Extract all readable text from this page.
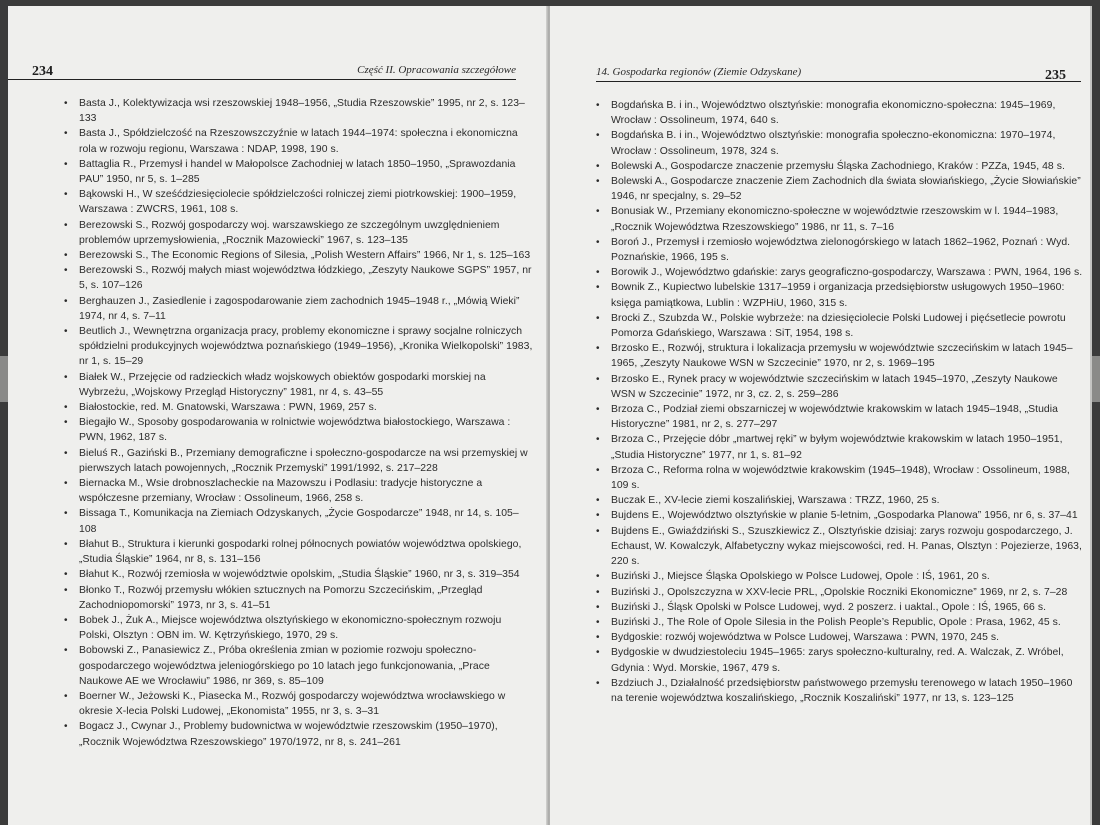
234	Część II. Opracowania szczegółowe
• Basta J., Kolektywizacja wsi rzeszowskiej 1948–1956, „Studia Rzeszowskie” 1995, nr 2, s. 123–133
• Basta J., Spółdzielczość na Rzeszowszczyźnie w latach 1944–1974: społeczna i ekonomiczna rola w rozwoju regionu, Warszawa : NDAP, 1998, 190 s.
• Battaglia R., Przemysł i handel w Małopolsce Zachodniej w latach 1850–1950, „Sprawozdania PAU” 1950, nr 5, s. 1–285
• Bąkowski H., W sześćdziesięciolecie spółdzielczości rolniczej ziemi piotrkowskiej: 1900–1959, Warszawa : ZWCRS, 1961, 108 s.
• Berezowski S., Rozwój gospodarczy woj. warszawskiego ze szczególnym uwzględnieniem problemów uprzemysłowienia, „Rocznik Mazowiecki” 1967, s. 123–135
• Berezowski S., The Economic Regions of Silesia, „Polish Western Affairs” 1966, Nr 1, s. 125–163
• Berezowski S., Rozwój małych miast województwa łódzkiego, „Zeszyty Naukowe SGPS” 1957, nr 5, s. 107–126
• Berghauzen J., Zasiedlenie i zagospodarowanie ziem zachodnich 1945–1948 r., „Mówią Wieki” 1974, nr 4, s. 7–11
• Beutlich J., Wewnętrzna organizacja pracy, problemy ekonomiczne i sprawy socjalne rolniczych spółdzielni produkcyjnych województwa poznańskiego (1949–1956), „Kronika Wielkopolski” 1983, nr 1, s. 15–29
• Białek W., Przejęcie od radzieckich władz wojskowych obiektów gospodarki morskiej na Wybrzeżu, „Wojskowy Przegląd Historyczny” 1981, nr 4, s. 43–55
• Białostockie, red. M. Gnatowski, Warszawa : PWN, 1969, 257 s.
• Biegajło W., Sposoby gospodarowania w rolnictwie województwa białostockiego, Warszawa : PWN, 1962, 187 s.
• Bieluś R., Gaziński B., Przemiany demograficzne i społeczno-gospodarcze na wsi przemyskiej w pierwszych latach powojennych, „Rocznik Przemyski” 1991/1992, s. 217–228
• Biernacka M., Wsie drobnoszlacheckie na Mazowszu i Podlasiu: tradycje historyczne a współczesne przemiany, Wrocław : Ossolineum, 1966, 258 s.
• Bissaga T., Komunikacja na Ziemiach Odzyskanych, „Życie Gospodarcze” 1948, nr 14, s. 105–108
• Błahut B., Struktura i kierunki gospodarki rolnej północnych powiatów województwa opolskiego, „Studia Śląskie” 1964, nr 8, s. 131–156
• Błahut K., Rozwój rzemiosła w województwie opolskim, „Studia Śląskie” 1960, nr 3, s. 319–354
• Błonko T., Rozwój przemysłu włókien sztucznych na Pomorzu Szczecińskim, „Przegląd Zachodniopomorski” 1973, nr 3, s. 41–51
• Bobek J., Żuk A., Miejsce województwa olsztyńskiego w ekonomiczno-społecznym rozwoju Polski, Olsztyn : OBN im. W. Kętrzyńskiego, 1970, 29 s.
• Bobowski Z., Panasiewicz Z., Próba określenia zmian w poziomie rozwoju społeczno-gospodarczego województwa jeleniogórskiego po 10 latach jego funkcjonowania, „Prace Naukowe AE we Wrocławiu” 1986, nr 369, s. 85–109
• Boerner W., Jeżowski K., Piasecka M., Rozwój gospodarczy województwa wrocławskiego w okresie X-lecia Polski Ludowej, „Ekonomista” 1955, nr 3, s. 3–31
• Bogacz J., Cwynar J., Problemy budownictwa w województwie rzeszowskim (1950–1970), „Rocznik Województwa Rzeszowskiego” 1970/1972, nr 8, s. 241–261
235
14. Gospodarka regionów (Ziemie Odzyskane)
• Bogdańska B. i in., Województwo olsztyńskie: monografia ekonomiczno-społeczna: 1945–1969, Wrocław : Ossolineum, 1974, 640 s.
• Bogdańska B. i in., Województwo olsztyńskie: monografia społeczno-ekonomiczna: 1970–1974, Wrocław : Ossolineum, 1978, 324 s.
• Bolewski A., Gospodarcze znaczenie przemysłu Śląska Zachodniego, Kraków : PZZa, 1945, 48 s.
• Bolewski A., Gospodarcze znaczenie Ziem Zachodnich dla świata słowiańskiego, „Życie Słowiańskie” 1946, nr specjalny, s. 29–52
• Bonusiak W., Przemiany ekonomiczno-społeczne w województwie rzeszowskim w l. 1944–1983, „Rocznik Województwa Rzeszowskiego” 1986, nr 11, s. 7–16
• Boroń J., Przemysł i rzemiosło województwa zielonogórskiego w latach 1862–1962, Poznań : Wyd. Poznańskie, 1966, 195 s.
• Borowik J., Województwo gdańskie: zarys geograficzno-gospodarczy, Warszawa : PWN, 1964, 196 s.
• Bownik Z., Kupiectwo lubelskie 1317–1959 i organizacja przedsiębiorstw usługowych 1950–1960: księga pamiątkowa, Lublin : WZPHiU, 1960, 315 s.
• Brocki Z., Szubzda W., Polskie wybrzeże: na dziesięciolecie Polski Ludowej i pięćsetlecie powrotu Pomorza Gdańskiego, Warszawa : SiT, 1954, 198 s.
• Brzosko E., Rozwój, struktura i lokalizacja przemysłu w województwie szczecińskim w latach 1945–1965, „Zeszyty Naukowe WSN w Szczecinie” 1970, nr 2, s. 1969–195
• Brzosko E., Rynek pracy w województwie szczecińskim w latach 1945–1970, „Zeszyty Naukowe WSN w Szczecinie” 1972, nr 3, cz. 2, s. 259–286
• Brzoza C., Podział ziemi obszarniczej w województwie krakowskim w latach 1945–1948, „Studia Historyczne” 1981, nr 2, s. 277–297
• Brzoza C., Przejęcie dóbr „martwej ręki” w byłym województwie krakowskim w latach 1950–1951, „Studia Historyczne” 1977, nr 1, s. 81–92
• Brzoza C., Reforma rolna w województwie krakowskim (1945–1948), Wrocław : Ossolineum, 1988, 109 s.
• Buczak E., XV-lecie ziemi koszalińskiej, Warszawa : TRZZ, 1960, 25 s.
• Bujdens E., Województwo olsztyńskie w planie 5-letnim, „Gospodarka Planowa” 1956, nr 6, s. 37–41
• Bujdens E., Gwiaździński S., Szuszkiewicz Z., Olsztyńskie dzisiaj: zarys rozwoju gospodarczego, J. Echaust, W. Kowalczyk, Alfabetyczny wykaz miejscowości, red. H. Panas, Olsztyn : Pojezierze, 1963, 220 s.
• Buziński J., Miejsce Śląska Opolskiego w Polsce Ludowej, Opole : IŚ, 1961, 20 s.
• Buziński J., Opolszczyzna w XXV-lecie PRL, „Opolskie Roczniki Ekonomiczne” 1969, nr 2, s. 7–28
• Buziński J., Śląsk Opolski w Polsce Ludowej, wyd. 2 poszerz. i uaktal., Opole : IŚ, 1965, 66 s.
• Buziński J., The Role of Opole Silesia in the Polish People’s Republic, Opole : Prasa, 1962, 45 s.
• Bydgoskie: rozwój województwa w Polsce Ludowej, Warszawa : PWN, 1970, 245 s.
• Bydgoskie w dwudziestoleciu 1945–1965: zarys społeczno-kulturalny, red. A. Walczak, Z. Wróbel, Gdynia : Wyd. Morskie, 1967, 479 s.
• Bzdziuch J., Działalność przedsiębiorstw państwowego przemysłu terenowego w latach 1950–1960 na terenie województwa koszalińskiego, „Rocznik Koszaliński” 1977, nr 13, s. 123–125
